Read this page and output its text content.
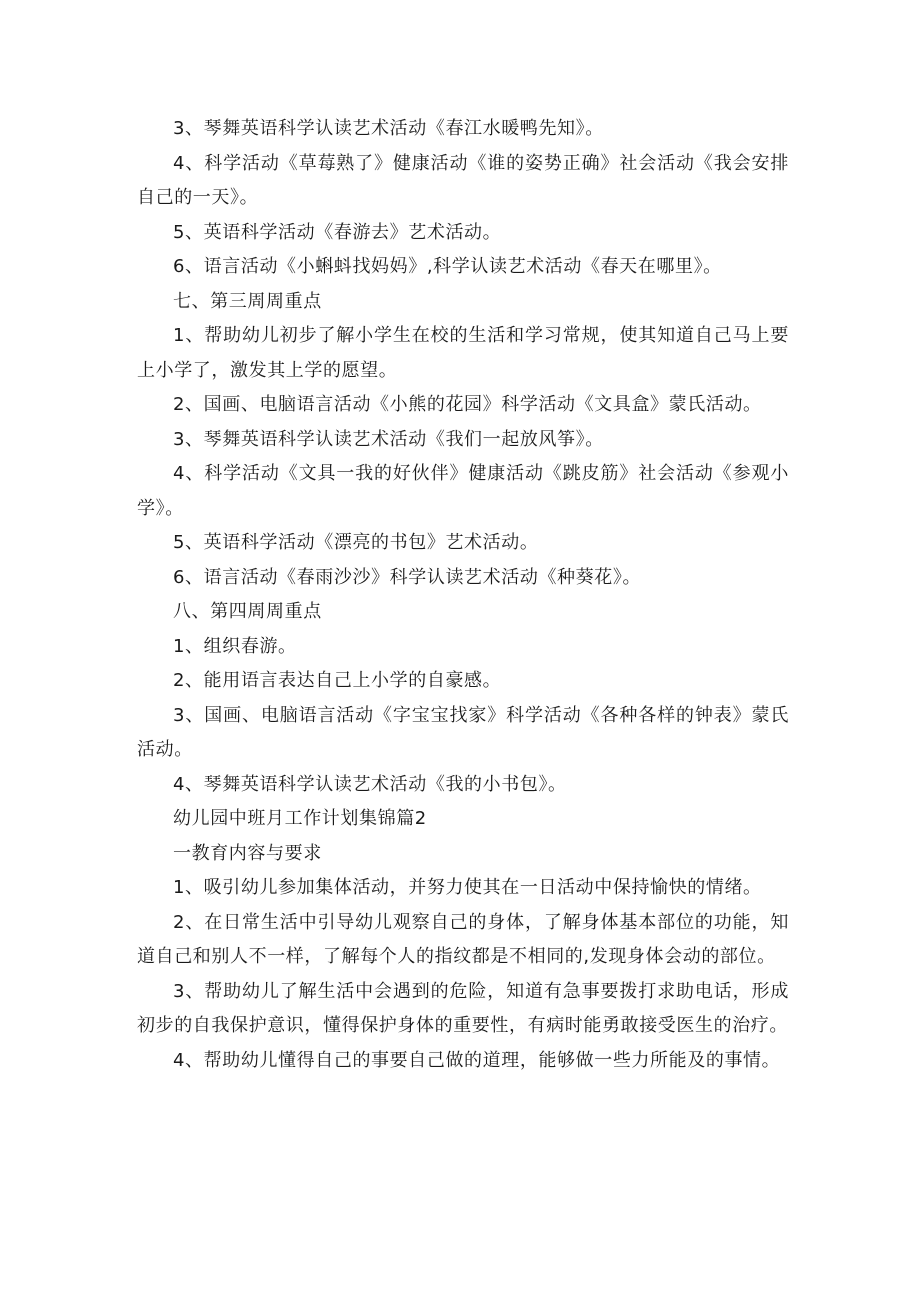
3、琴舞英语科学认读艺术活动《春江水暖鸭先知》。

4、科学活动《草莓熟了》健康活动《谁的姿势正确》社会活动《我会安排自己的一天》。

5、英语科学活动《春游去》艺术活动。

6、语言活动《小蝌蚪找妈妈》,科学认读艺术活动《春天在哪里》。

七、第三周周重点

1、帮助幼儿初步了解小学生在校的生活和学习常规，使其知道自己马上要上小学了，激发其上学的愿望。

2、国画、电脑语言活动《小熊的花园》科学活动《文具盒》蒙氏活动。

3、琴舞英语科学认读艺术活动《我们一起放风筝》。

4、科学活动《文具一我的好伙伴》健康活动《跳皮筋》社会活动《参观小学》。

5、英语科学活动《漂亮的书包》艺术活动。

6、语言活动《春雨沙沙》科学认读艺术活动《种葵花》。

八、第四周周重点

1、组织春游。

2、能用语言表达自己上小学的自豪感。

3、国画、电脑语言活动《字宝宝找家》科学活动《各种各样的钟表》蒙氏活动。

4、琴舞英语科学认读艺术活动《我的小书包》。

幼儿园中班月工作计划集锦篇2

一教育内容与要求

1、吸引幼儿参加集体活动，并努力使其在一日活动中保持愉快的情绪。

2、在日常生活中引导幼儿观察自己的身体，了解身体基本部位的功能，知道自己和别人不一样，了解每个人的指纹都是不相同的,发现身体会动的部位。

3、帮助幼儿了解生活中会遇到的危险，知道有急事要拨打求助电话，形成初步的自我保护意识，懂得保护身体的重要性，有病时能勇敢接受医生的治疗。

4、帮助幼儿懂得自己的事要自己做的道理，能够做一些力所能及的事情。
